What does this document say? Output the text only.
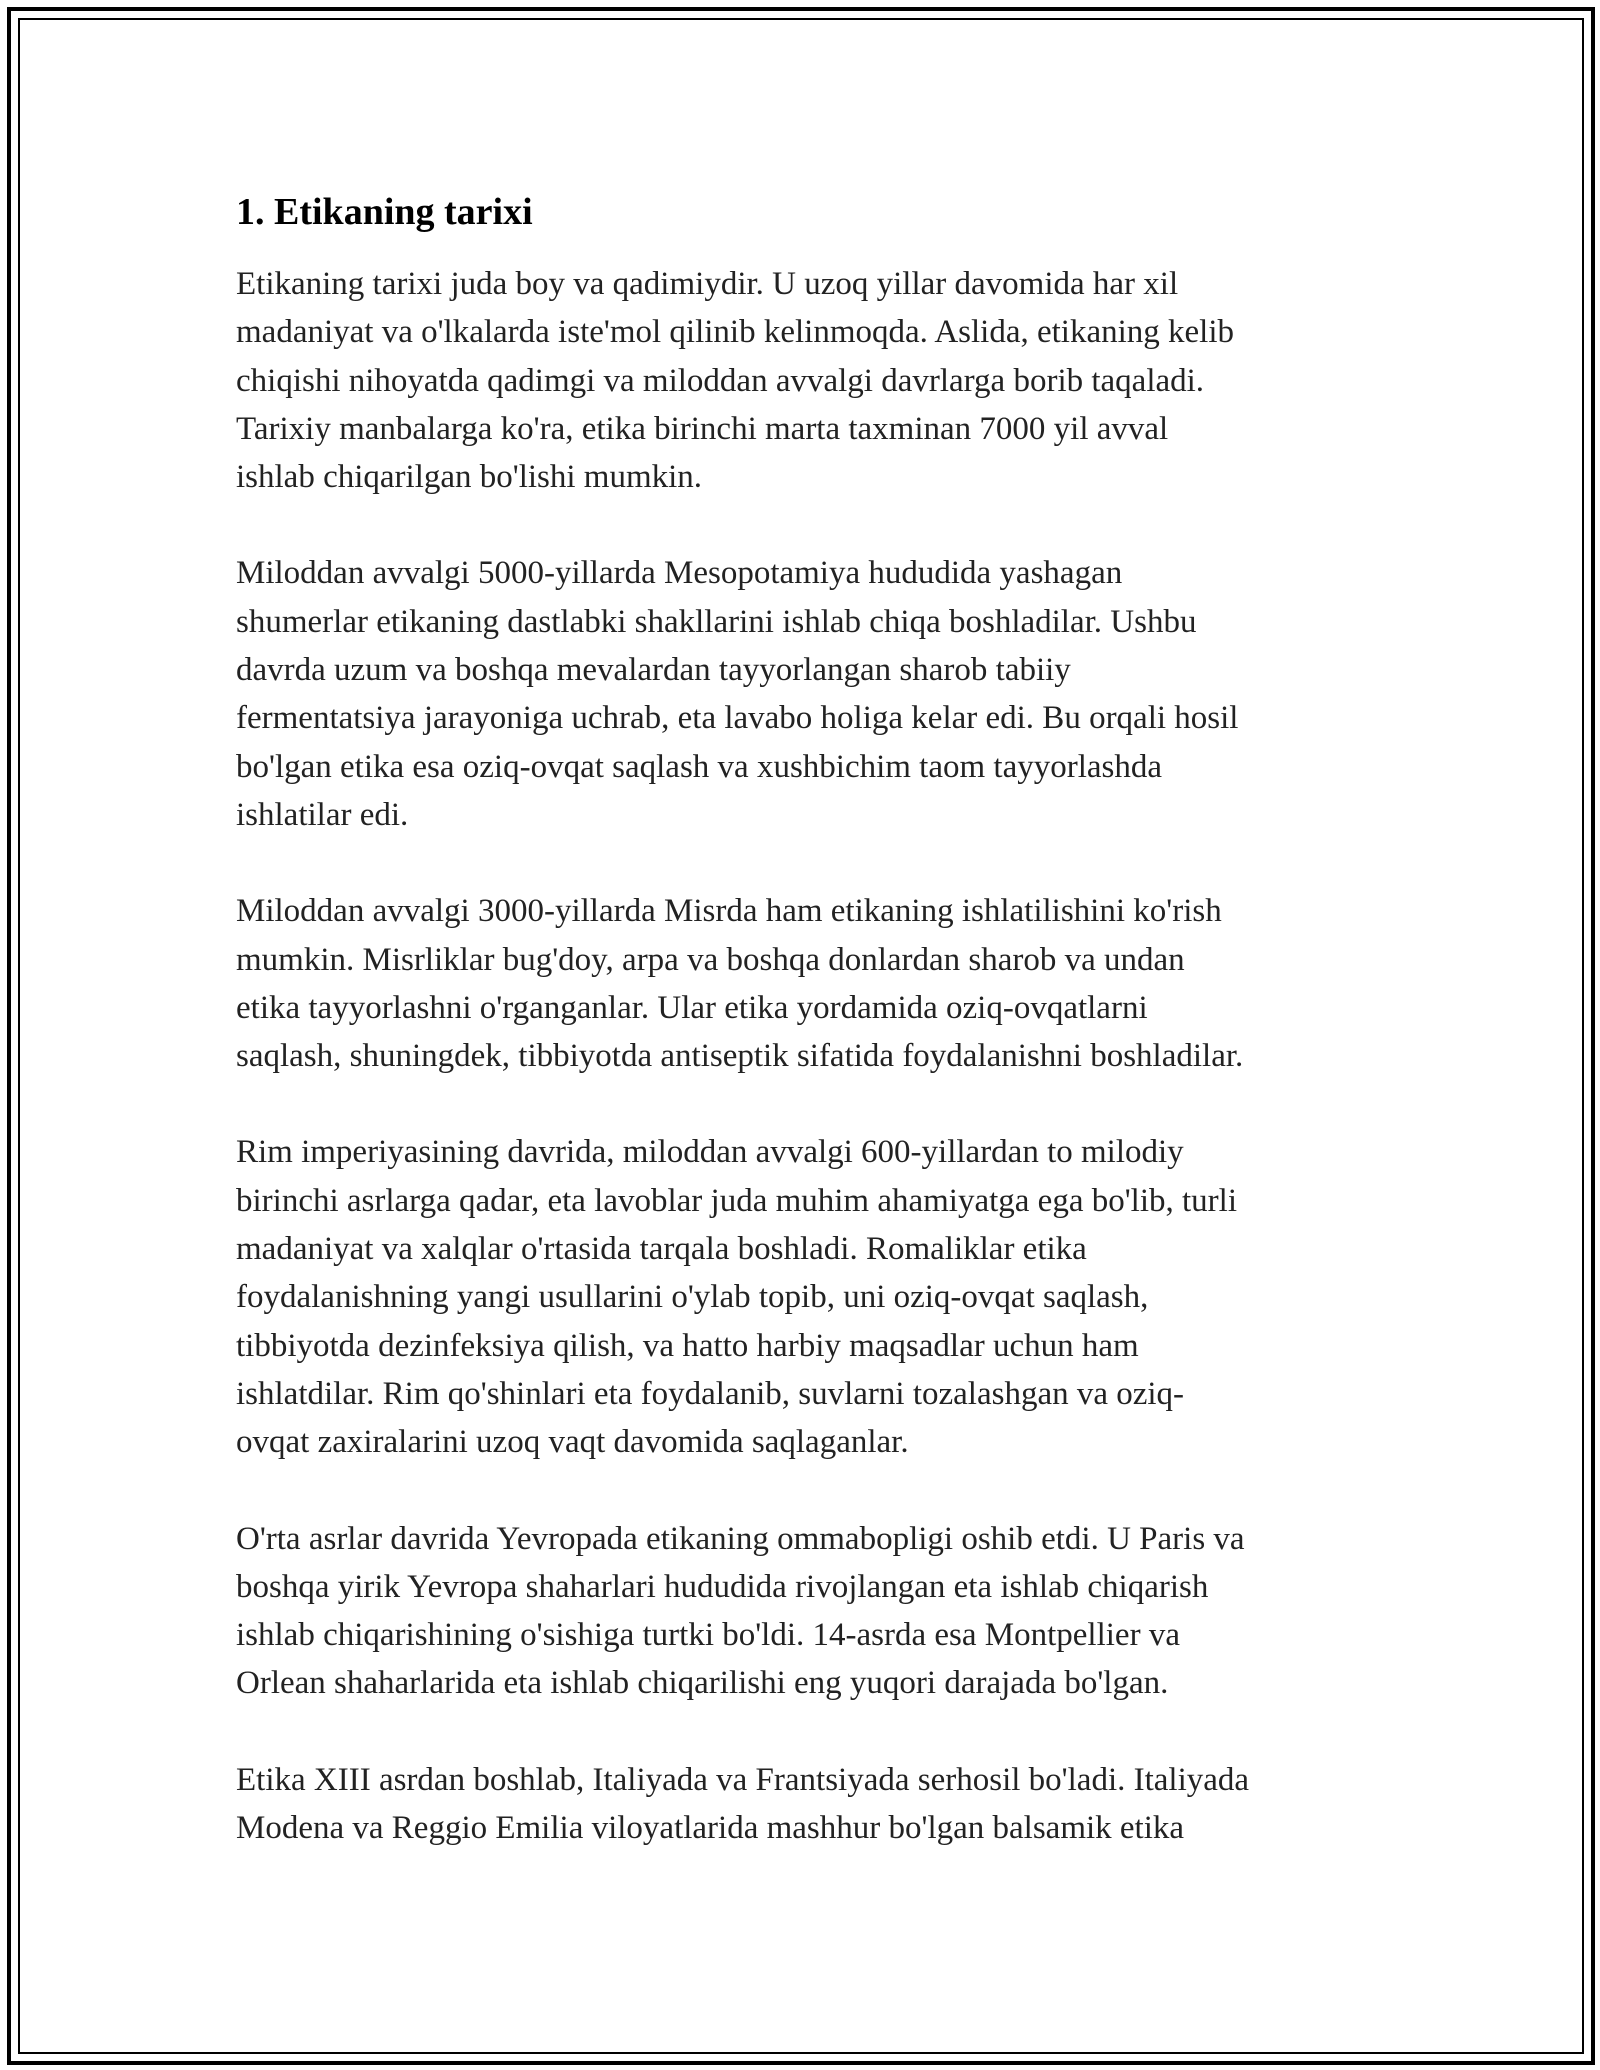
1. Etikaning tarixi

Etikaning tarixi juda boy va qadimiydir. U uzoq yillar davomida har xil
madaniyat va o'lkalarda iste'mol qilinib kelinmoqda. Aslida, etikaning kelib
chiqishi nihoyatda qadimgi va miloddan avvalgi davrlarga borib taqaladi.
Tarixiy manbalarga ko'ra, etika birinchi marta taxminan 7000 yil avval
ishlab chiqarilgan bo'lishi mumkin.

Miloddan avvalgi 5000-yillarda Mesopotamiya hududida yashagan
shumerlar etikaning dastlabki shakllarini ishlab chiqa boshladilar. Ushbu
davrda uzum va boshqa mevalardan tayyorlangan sharob tabiiy
fermentatsiya jarayoniga uchrab, eta lavabo holiga kelar edi. Bu orqali hosil
bo'lgan etika esa oziq-ovqat saqlash va xushbichim taom tayyorlashda
ishlatilar edi.

Miloddan avvalgi 3000-yillarda Misrda ham etikaning ishlatilishini ko'rish
mumkin. Misrliklar bug'doy, arpa va boshqa donlardan sharob va undan
etika tayyorlashni o'rganganlar. Ular etika yordamida oziq-ovqatlarni
saqlash, shuningdek, tibbiyotda antiseptik sifatida foydalanishni boshladilar.

Rim imperiyasining davrida, miloddan avvalgi 600-yillardan to milodiy
birinchi asrlarga qadar, eta lavoblar juda muhim ahamiyatga ega bo'lib, turli
madaniyat va xalqlar o'rtasida tarqala boshladi. Romaliklar etika
foydalanishning yangi usullarini o'ylab topib, uni oziq-ovqat saqlash,
tibbiyotda dezinfeksiya qilish, va hatto harbiy maqsadlar uchun ham
ishlatdilar. Rim qo'shinlari eta foydalanib, suvlarni tozalashgan va oziq-
ovqat zaxiralarini uzoq vaqt davomida saqlaganlar.

O'rta asrlar davrida Yevropada etikaning ommabopligi oshib etdi. U Paris va
boshqa yirik Yevropa shaharlari hududida rivojlangan eta ishlab chiqarish
ishlab chiqarishining o'sishiga turtki bo'ldi. 14-asrda esa Montpellier va
Orlean shaharlarida eta ishlab chiqarilishi eng yuqori darajada bo'lgan.

Etika XIII asrdan boshlab, Italiyada va Frantsiyada serhosil bo'ladi. Italiyada
Modena va Reggio Emilia viloyatlarida mashhur bo'lgan balsamik etika
